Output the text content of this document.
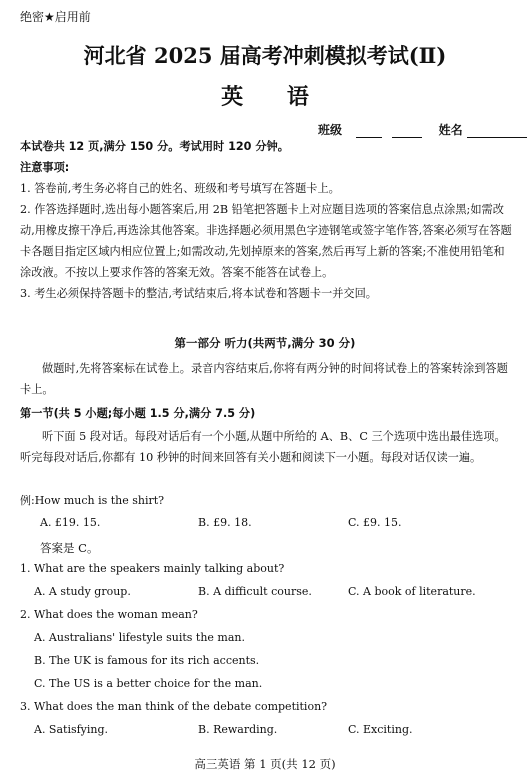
绝密★启用前
河北省 2025 届高考冲刺模拟考试(Ⅱ)
英 语
班级	姓名
本试卷共 12 页,满分 150 分。考试用时 120 分钟。
注意事项:
1. 答卷前,考生务必将自己的姓名、班级和考号填写在答题卡上。
2. 作答选择题时,选出每小题答案后,用 2B 铅笔把答题卡上对应题目选项的答案信息点涂黑;如需改动,用橡皮擦干净后,再选涂其他答案。非选择题必须用黑色字迹钢笔或签字笔作答,答案必须写在答题卡各题目指定区域内相应位置上;如需改动,先划掉原来的答案,然后再写上新的答案;不准使用铅笔和涂改液。不按以上要求作答的答案无效。答案不能答在试卷上。
3. 考生必须保持答题卡的整洁,考试结束后,将本试卷和答题卡一并交回。
第一部分 听力(共两节,满分 30 分)
做题时,先将答案标在试卷上。录音内容结束后,你将有两分钟的时间将试卷上的答案转涂到答题卡上。
第一节(共 5 小题;每小题 1.5 分,满分 7.5 分)
听下面 5 段对话。每段对话后有一个小题,从题中所给的 A、B、C 三个选项中选出最佳选项。听完每段对话后,你都有 10 秒钟的时间来回答有关小题和阅读下一小题。每段对话仅读一遍。
例:How much is the shirt?
A. £19. 15.	B. £9. 18.	C. £9. 15.
答案是 C。
1. What are the speakers mainly talking about?
A. A study group.	B. A difficult course.	C. A book of literature.
2. What does the woman mean?
A. Australians' lifestyle suits the man.
B. The UK is famous for its rich accents.
C. The US is a better choice for the man.
3. What does the man think of the debate competition?
A. Satisfying.	B. Rewarding.	C. Exciting.
高三英语 第 1 页(共 12 页)
